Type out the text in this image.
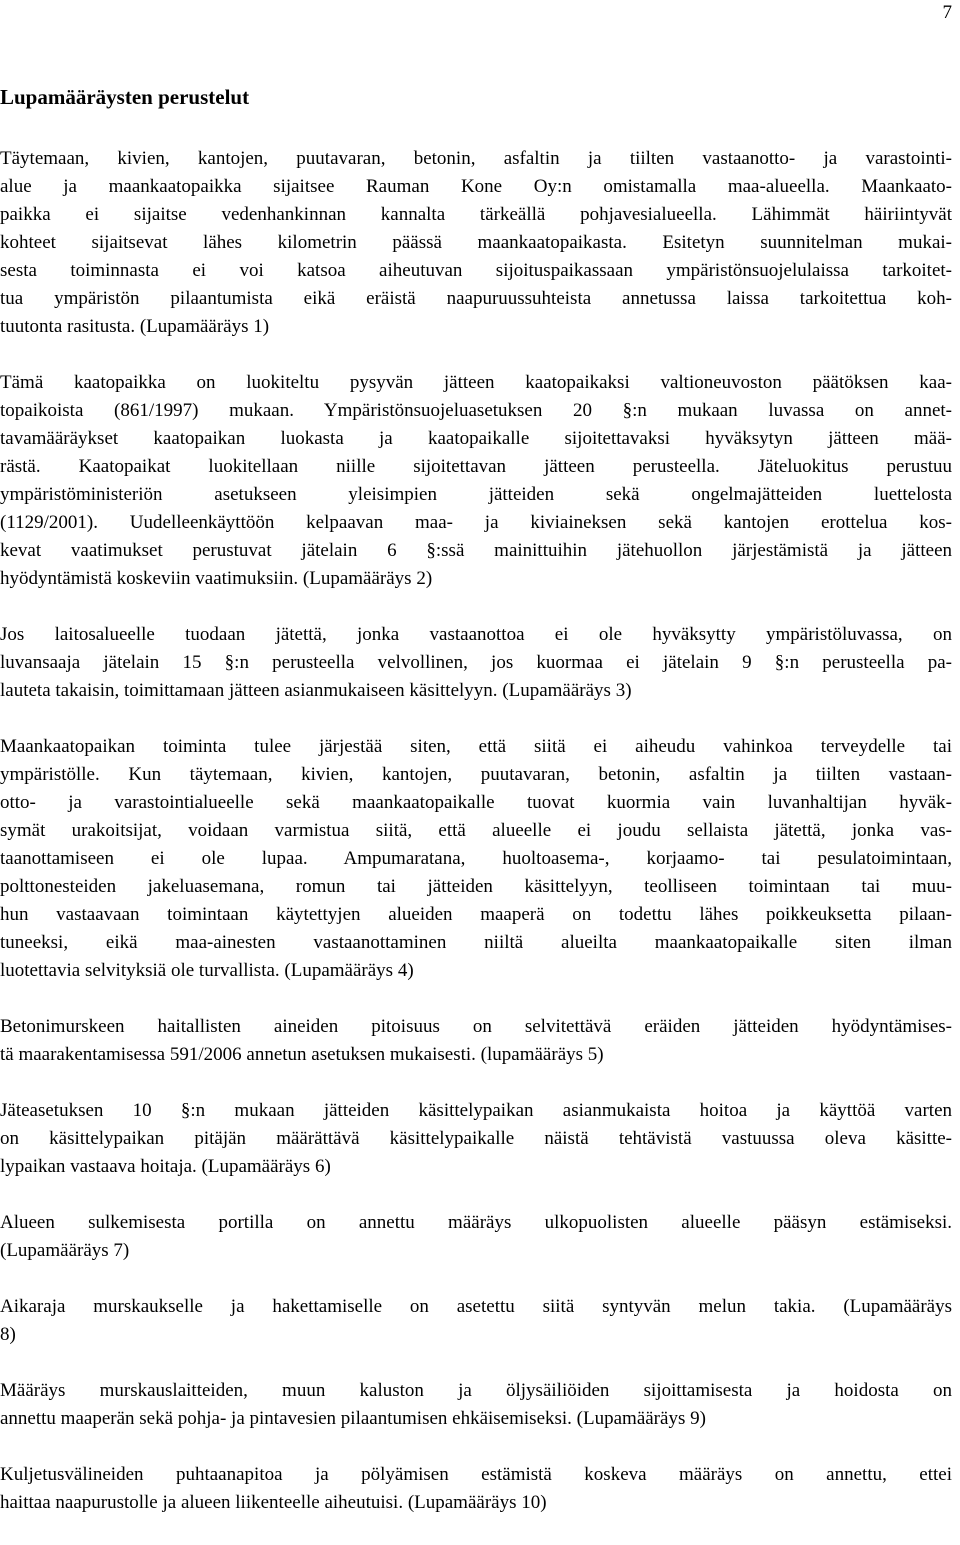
7
Lupamääräysten perustelut
Täytemaan, kivien, kantojen, puutavaran, betonin, asfaltin ja tiilten vastaanotto- ja varastointi-
alue ja maankaatopaikka sijaitsee Rauman Kone Oy:n omistamalla maa-alueella. Maankaato-
paikka ei sijaitse vedenhankinnan kannalta tärkeällä pohjavesialueella. Lähimmät häiriintyvät
kohteet sijaitsevat lähes kilometrin päässä maankaatopaikasta. Esitetyn suunnitelman mukai-
sesta toiminnasta ei voi katsoa aiheutuvan sijoituspaikassaan ympäristönsuojelulaissa tarkoitet-
tua ympäristön pilaantumista eikä eräistä naapuruussuhteista annetussa laissa tarkoitettua koh-
tuutonta rasitusta. (Lupamääräys 1)
Tämä kaatopaikka on luokiteltu pysyvän jätteen kaatopaikaksi valtioneuvoston päätöksen kaa-
topaikoista (861/1997) mukaan. Ympäristönsuojeluasetuksen 20 §:n mukaan luvassa on annet-
tavamääräykset kaatopaikan luokasta ja kaatopaikalle sijoitettavaksi hyväksytyn jätteen mää-
rästä. Kaatopaikat luokitellaan niille sijoitettavan jätteen perusteella. Jäteluokitus perustuu
ympäristöministeriön asetukseen yleisimpien jätteiden sekä ongelmajätteiden luettelosta
(1129/2001). Uudelleenkäyttöön kelpaavan maa- ja kiviaineksen sekä kantojen erottelua kos-
kevat vaatimukset perustuvat jätelain 6 §:ssä mainittuihin jätehuollon järjestämistä ja jätteen
hyödyntämistä koskeviin vaatimuksiin. (Lupamääräys 2)
Jos laitosalueelle tuodaan jätettä, jonka vastaanottoa ei ole hyväksytty ympäristöluvassa, on
luvansaaja jätelain 15 §:n perusteella velvollinen, jos kuormaa ei jätelain 9 §:n perusteella pa-
lauteta takaisin, toimittamaan jätteen asianmukaiseen käsittelyyn. (Lupamääräys 3)
Maankaatopaikan toiminta tulee järjestää siten, että siitä ei aiheudu vahinkoa terveydelle tai
ympäristölle. Kun täytemaan, kivien, kantojen, puutavaran, betonin, asfaltin ja tiilten vastaan-
otto- ja varastointialueelle sekä maankaatopaikalle tuovat kuormia vain luvanhaltijan hyväk-
symät urakoitsijat, voidaan varmistua siitä, että alueelle ei joudu sellaista jätettä, jonka vas-
taanottamiseen ei ole lupaa. Ampumaratana, huoltoasema-, korjaamo- tai pesulatoimintaan,
polttonesteiden jakeluasemana, romun tai jätteiden käsittelyyn, teolliseen toimintaan tai muu-
hun vastaavaan toimintaan käytettyjen alueiden maaperä on todettu lähes poikkeuksetta pilaan-
tuneeksi, eikä maa-ainesten vastaanottaminen niiltä alueilta maankaatopaikalle siten ilman
luotettavia selvityksiä ole turvallista. (Lupamääräys 4)
Betonimurskeen haitallisten aineiden pitoisuus on selvitettävä eräiden jätteiden hyödyntämises-
tä maarakentamisessa 591/2006 annetun asetuksen mukaisesti. (lupamääräys 5)
Jäteasetuksen 10 §:n mukaan jätteiden käsittelypaikan asianmukaista hoitoa ja käyttöä varten
on käsittelypaikan pitäjän määrättävä käsittelypaikalle näistä tehtävistä vastuussa oleva käsitte-
lypaikan vastaava hoitaja. (Lupamääräys 6)
Alueen sulkemisesta portilla on annettu määräys ulkopuolisten alueelle pääsyn estämiseksi.
(Lupamääräys 7)
Aikaraja murskaukselle ja hakettamiselle on asetettu siitä syntyvän melun takia. (Lupamääräys
8)
Määräys murskauslaitteiden, muun kaluston ja öljysäiliöiden sijoittamisesta ja hoidosta on
annettu maaperän sekä pohja- ja pintavesien pilaantumisen ehkäisemiseksi. (Lupamääräys 9)
Kuljetusvälineiden puhtaanapitoa ja pölyämisen estämistä koskeva määräys on annettu, ettei
haittaa naapurustolle ja alueen liikenteelle aiheutuisi. (Lupamääräys 10)
